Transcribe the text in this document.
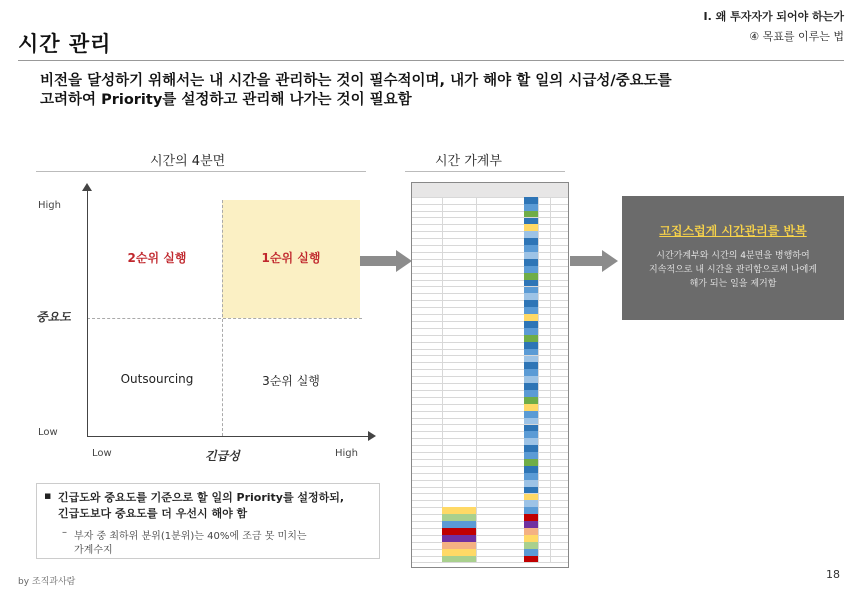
시간 관리
I. 왜 투자자가 되어야 하는가
④ 목표를 이루는 법
비전을 달성하기 위해서는 내 시간을 관리하는 것이 필수적이며, 내가 해야 할 일의 시급성/중요도를
고려하여 Priority를 설정하고 관리해 나가는 것이 필요함
시간의 4분면
High
Low
중요도
Low	긴급성	High
2순위 실행	1순위 실행
Outsourcing	3순위 실행
시간 가계부
고집스럽게 시간관리를 반복
시간가계부와 시간의 4분면을 병행하여
지속적으로 내 시간을 관리함으로써 나에게
해가 되는 일을 제거함
▪ 긴급도와 중요도를 기준으로 할 일의 Priority를 설정하되,
긴급도보다 중요도를 더 우선시 해야 함
– 부자 중 최하위 분위(1분위)는 40%에 조금 못 미치는
가계수지
by 조직과사람
18
